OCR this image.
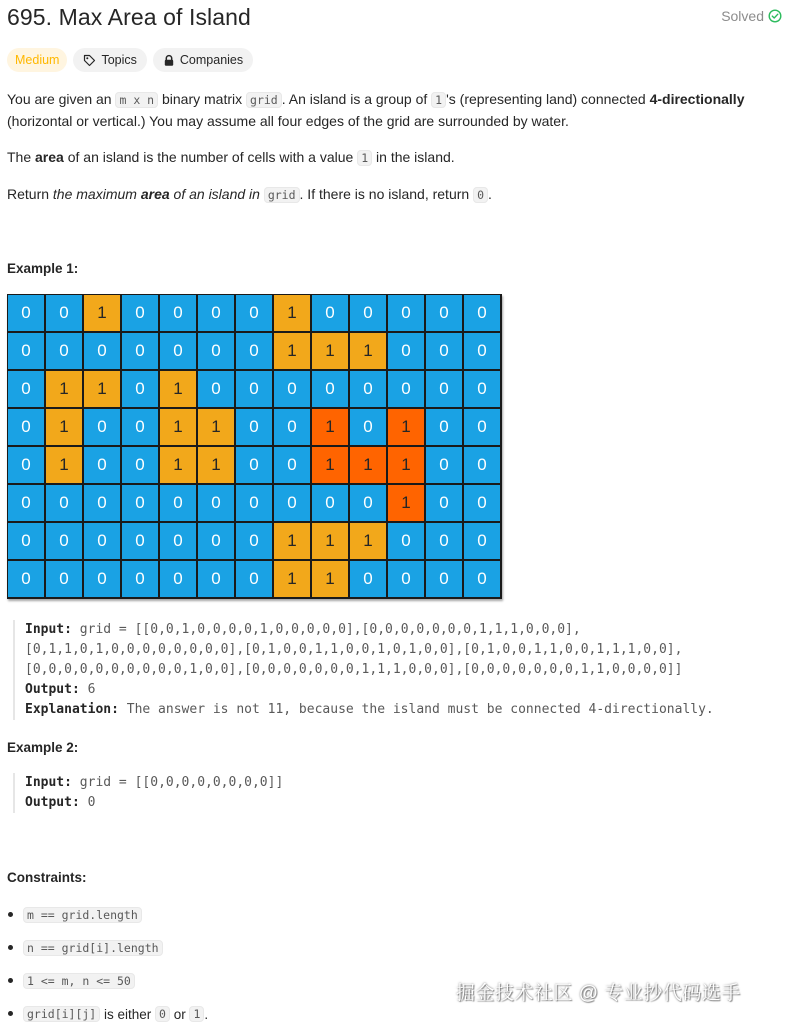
695. Max Area of Island	Solved
Medium	Topics	Companies
You are given an m x n binary matrix grid . An island is a group of 1 's (representing land) connected 4-directionally
(horizontal or vertical.) You may assume all four edges of the grid are surrounded by water.
The area of an island is the number of cells with a value 1 in the island.
Return the maximum area of an island in grid . If there is no island, return 0 .
Example 1:
0	0	1	0	0	0	0	1	0	0	0	0	0
0	0	0	0	0	0	0	1	1	1	0	0	0
0	1	1	0	1	0	0	0	0	0	0	0	0
0	1	0	0	1	1	0	0	1	0	1	0	0
0	1	0	0	1	1	0	0	1	1	1	0	0
0	0	0	0	0	0	0	0	0	0	1	0	0
0	0	0	0	0	0	0	1	1	1	0	0	0
0	0	0	0	0	0	0	1	1	0	0	0	0
Input: grid = [[0,0,1,0,0,0,0,1,0,0,0,0,0],[0,0,0,0,0,0,0,1,1,1,0,0,0],
[0,1,1,0,1,0,0,0,0,0,0,0,0],[0,1,0,0,1,1,0,0,1,0,1,0,0],[0,1,0,0,1,1,0,0,1,1,1,0,0],
[0,0,0,0,0,0,0,0,0,0,1,0,0],[0,0,0,0,0,0,0,1,1,1,0,0,0],[0,0,0,0,0,0,0,1,1,0,0,0,0]]
Output: 6
Explanation: The answer is not 11, because the island must be connected 4-directionally.
Example 2:
Input: grid = [[0,0,0,0,0,0,0,0]]
Output: 0
Constraints:
m == grid.length
n == grid[i].length
1 <= m, n <= 50
grid[i][j] is either 0 or 1 .
掘金技术社区 @ 专业抄代码选手
